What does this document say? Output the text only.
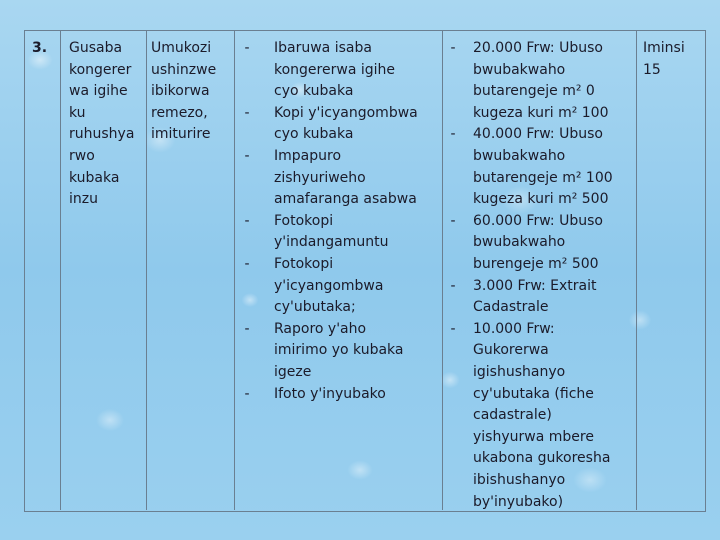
3. Gusaba
kongerer
wa igihe
ku
ruhushya
rwo
kubaka
inzu
Umukozi
ushinzwe
ibikorwa
remezo,
imiturire
- Ibaruwa isaba
kongererwa igihe
cyo kubaka
- Kopi y'icyangombwa
cyo kubaka
- Impapuro
zishyuriweho
amafaranga asabwa
- Fotokopi
y'indangamuntu
- Fotokopi
y'icyangombwa
cy'ubutaka;
- Raporo y'aho
imirimo yo kubaka
igeze
- Ifoto y'inyubako
- 20.000 Frw: Ubuso
bwubakwaho
butarengeje m² 0
kugeza kuri m² 100
- 40.000 Frw: Ubuso
bwubakwaho
butarengeje m² 100
kugeza kuri m² 500
- 60.000 Frw: Ubuso
bwubakwaho
burengeje m² 500
- 3.000 Frw: Extrait
Cadastrale
- 10.000 Frw:
Gukorerwa
igishushanyo
cy'ubutaka (fiche
cadastrale)
yishyurwa mbere
ukabona gukoresha
ibishushanyo
by'inyubako)
Iminsi
15
